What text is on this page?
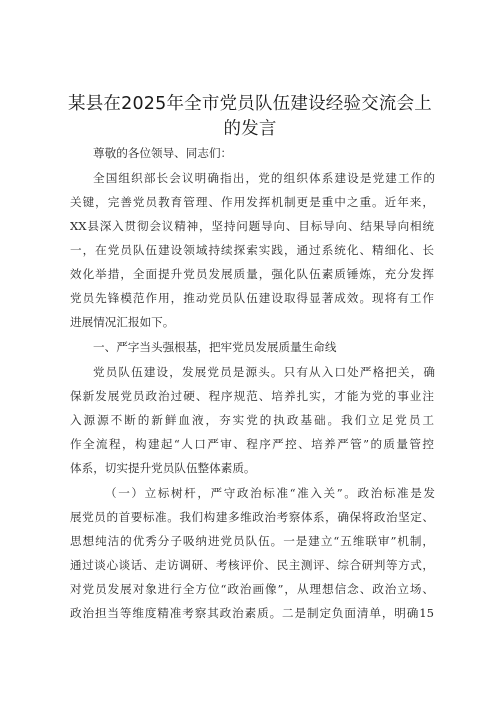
某县在2025年全市党员队伍建设经验交流会上
的发言
尊敬的各位领导、同志们：
全国组织部长会议明确指出，党的组织体系建设是党建工作的
关键，完善党员教育管理、作用发挥机制更是重中之重。近年来，
XX县深入贯彻会议精神，坚持问题导向、目标导向、结果导向相统
一，在党员队伍建设领域持续探索实践，通过系统化、精细化、长
效化举措，全面提升党员发展质量，强化队伍素质锤炼，充分发挥
党员先锋模范作用，推动党员队伍建设取得显著成效。现将有工作
进展情况汇报如下。
一、严字当头强根基，把牢党员发展质量生命线
党员队伍建设，发展党员是源头。只有从入口处严格把关，确
保新发展党员政治过硬、程序规范、培养扎实，才能为党的事业注
入源源不断的新鲜血液，夯实党的执政基础。我们立足党员工
作全流程，构建起“人口严审、程序严控、培养严管”的质量管控
体系，切实提升党员队伍整体素质。
（一）立标树杆，严守政治标准“准入关”。政治标准是发
展党员的首要标准。我们构建多维政治考察体系，确保将政治坚定、
思想纯洁的优秀分子吸纳进党员队伍。一是建立“五维联审”机制，
通过谈心谈话、走访调研、考核评价、民主测评、综合研判等方式，
对党员发展对象进行全方位“政治画像”，从理想信念、政治立场、
政治担当等维度精准考察其政治素质。二是制定负面清单，明确15
